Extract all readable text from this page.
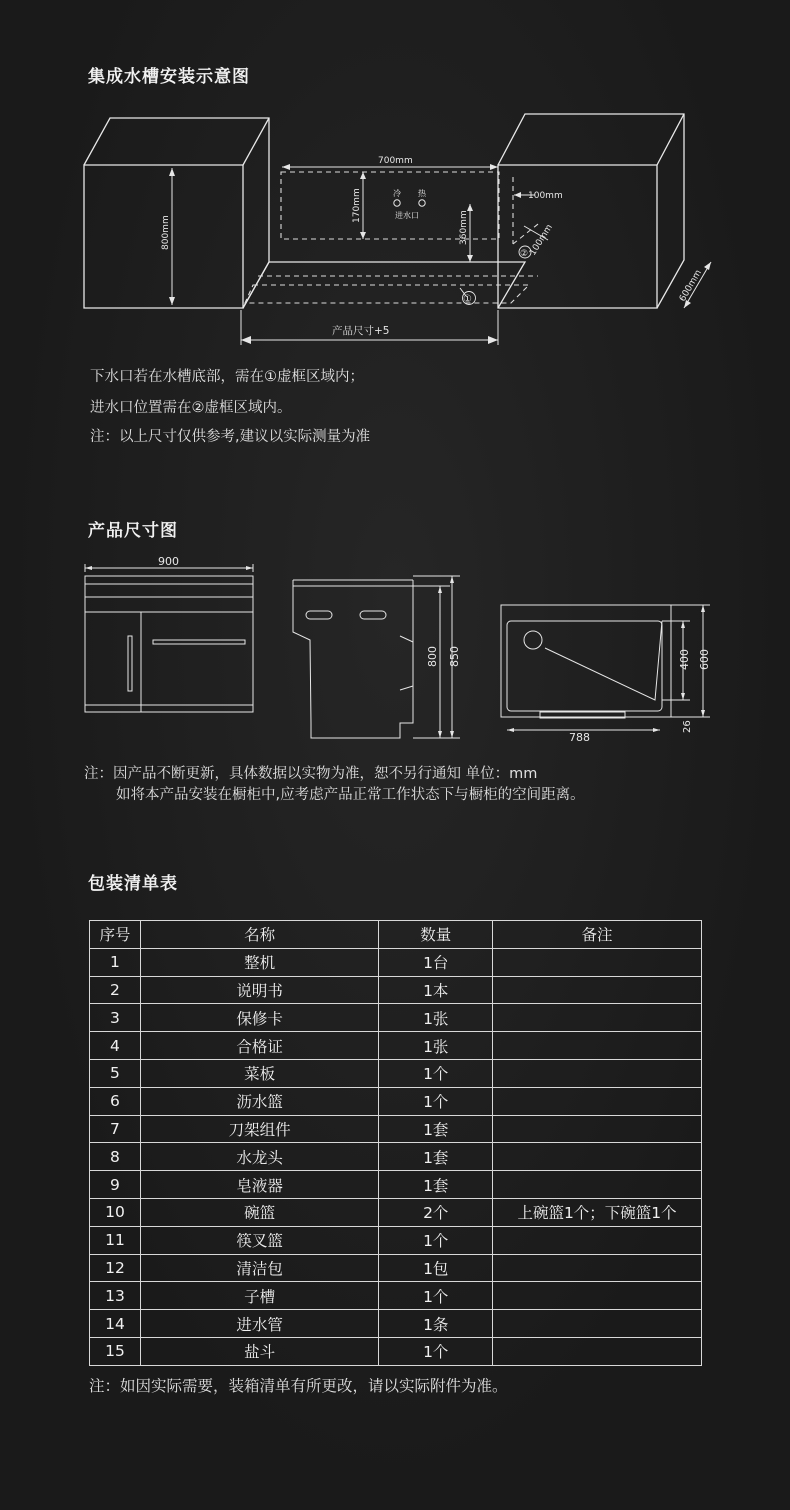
集成水槽安装示意图
700mm
800mm
170mm
360mm
100mm
100mm
600mm
冷 热
进水口
①
②
产品尺寸+5
下水口若在水槽底部，需在①虚框区域内；
进水口位置需在②虚框区域内。
注：以上尺寸仅供参考,建议以实际测量为准
产品尺寸图
900
800 850	400 600
788
26
注：因产品不断更新，具体数据以实物为准，恕不另行通知 单位：mm
如将本产品安装在橱柜中,应考虑产品正常工作状态下与橱柜的空间距离。
包装清单表
序号	名称	数量	备注
1	整机	1台	
2	说明书	1本	
3	保修卡	1张	
4	合格证	1张	
5	菜板	1个	
6	沥水篮	1个	
7	刀架组件	1套	
8	水龙头	1套	
9	皂液器	1套	
10	碗篮	2个	上碗篮1个；下碗篮1个
11	筷叉篮	1个	
12	清洁包	1包	
13	子槽	1个	
14	进水管	1条	
15	盐斗	1个	
注：如因实际需要，装箱清单有所更改，请以实际附件为准。
